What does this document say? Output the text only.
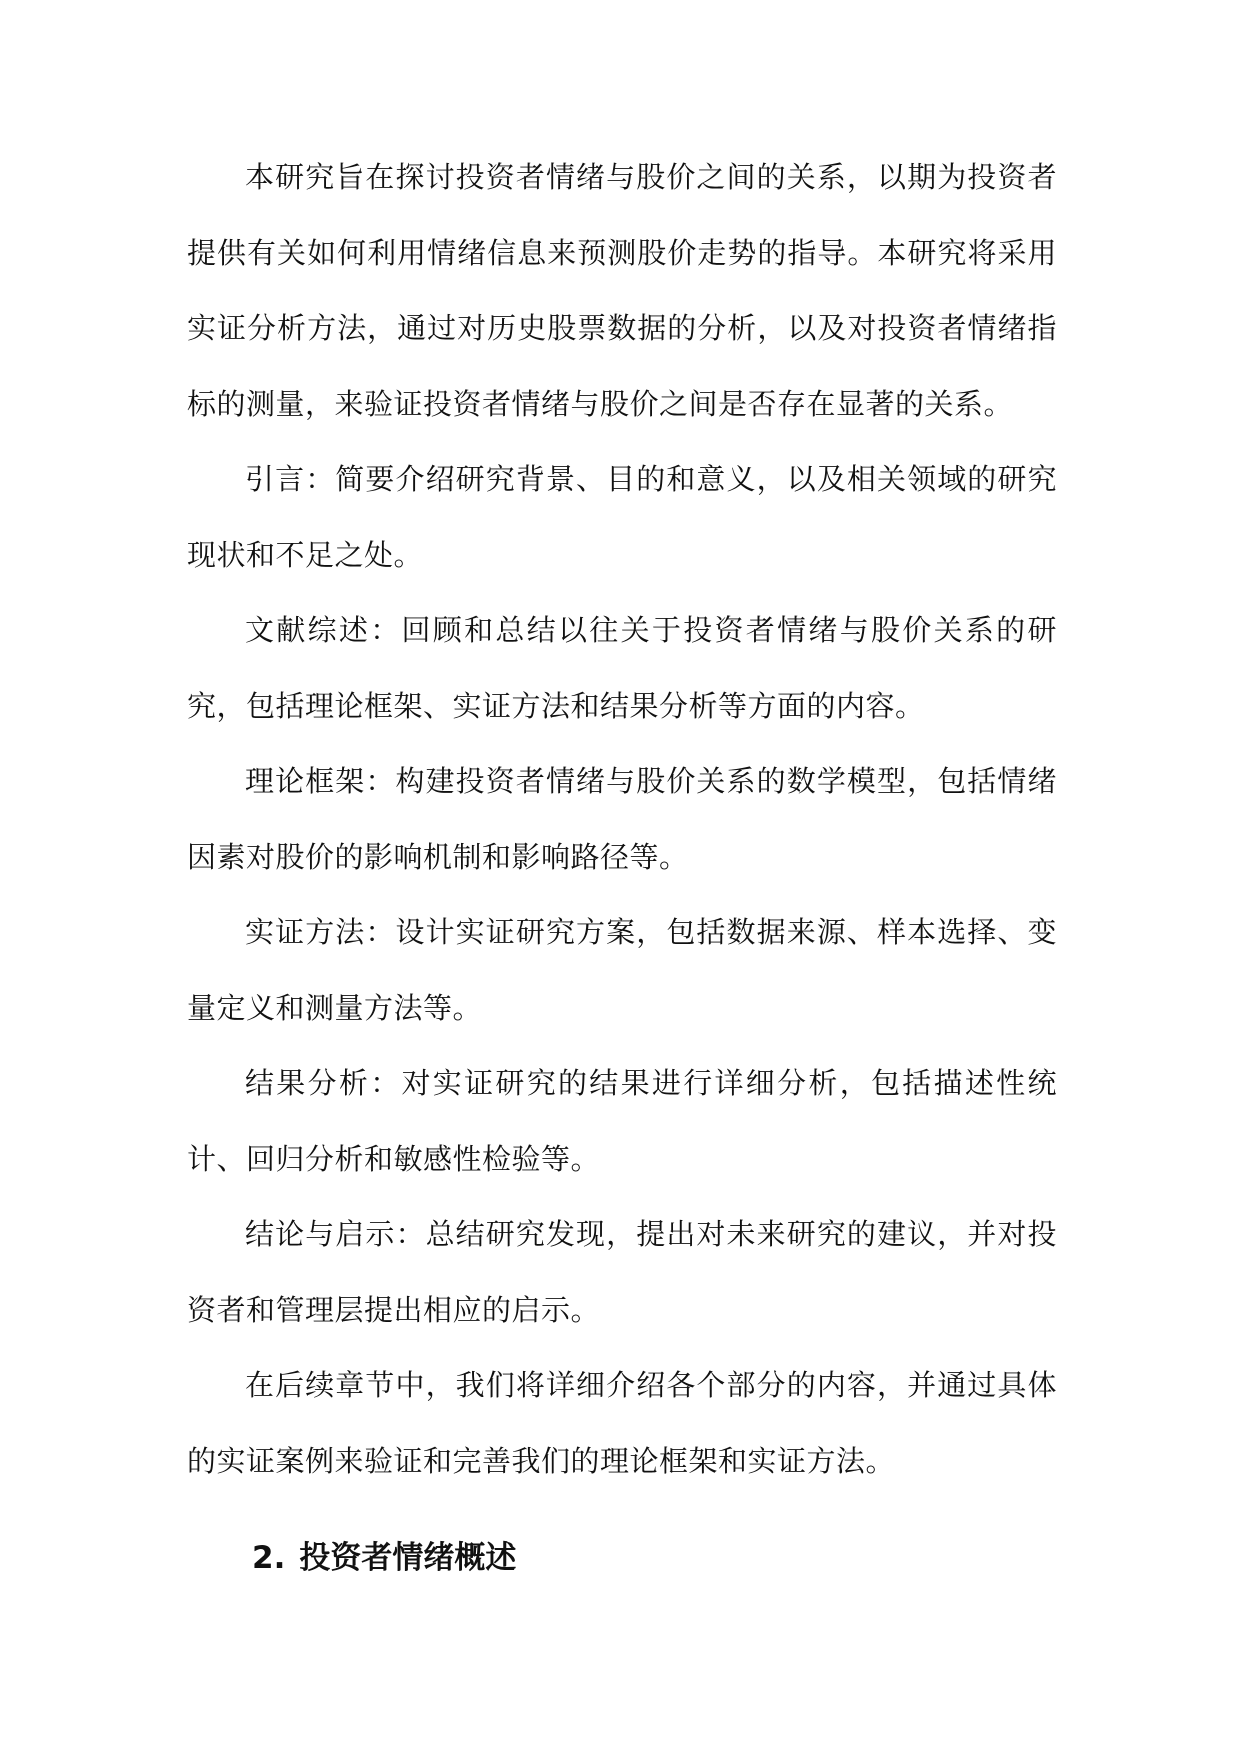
本研究旨在探讨投资者情绪与股价之间的关系，以期为投资者提供有关如何利用情绪信息来预测股价走势的指导。本研究将采用实证分析方法，通过对历史股票数据的分析，以及对投资者情绪指标的测量，来验证投资者情绪与股价之间是否存在显著的关系。

引言：简要介绍研究背景、目的和意义，以及相关领域的研究现状和不足之处。

文献综述：回顾和总结以往关于投资者情绪与股价关系的研究，包括理论框架、实证方法和结果分析等方面的内容。

理论框架：构建投资者情绪与股价关系的数学模型，包括情绪因素对股价的影响机制和影响路径等。

实证方法：设计实证研究方案，包括数据来源、样本选择、变量定义和测量方法等。

结果分析：对实证研究的结果进行详细分析，包括描述性统计、回归分析和敏感性检验等。

结论与启示：总结研究发现，提出对未来研究的建议，并对投资者和管理层提出相应的启示。

在后续章节中，我们将详细介绍各个部分的内容，并通过具体的实证案例来验证和完善我们的理论框架和实证方法。

2. 投资者情绪概述
